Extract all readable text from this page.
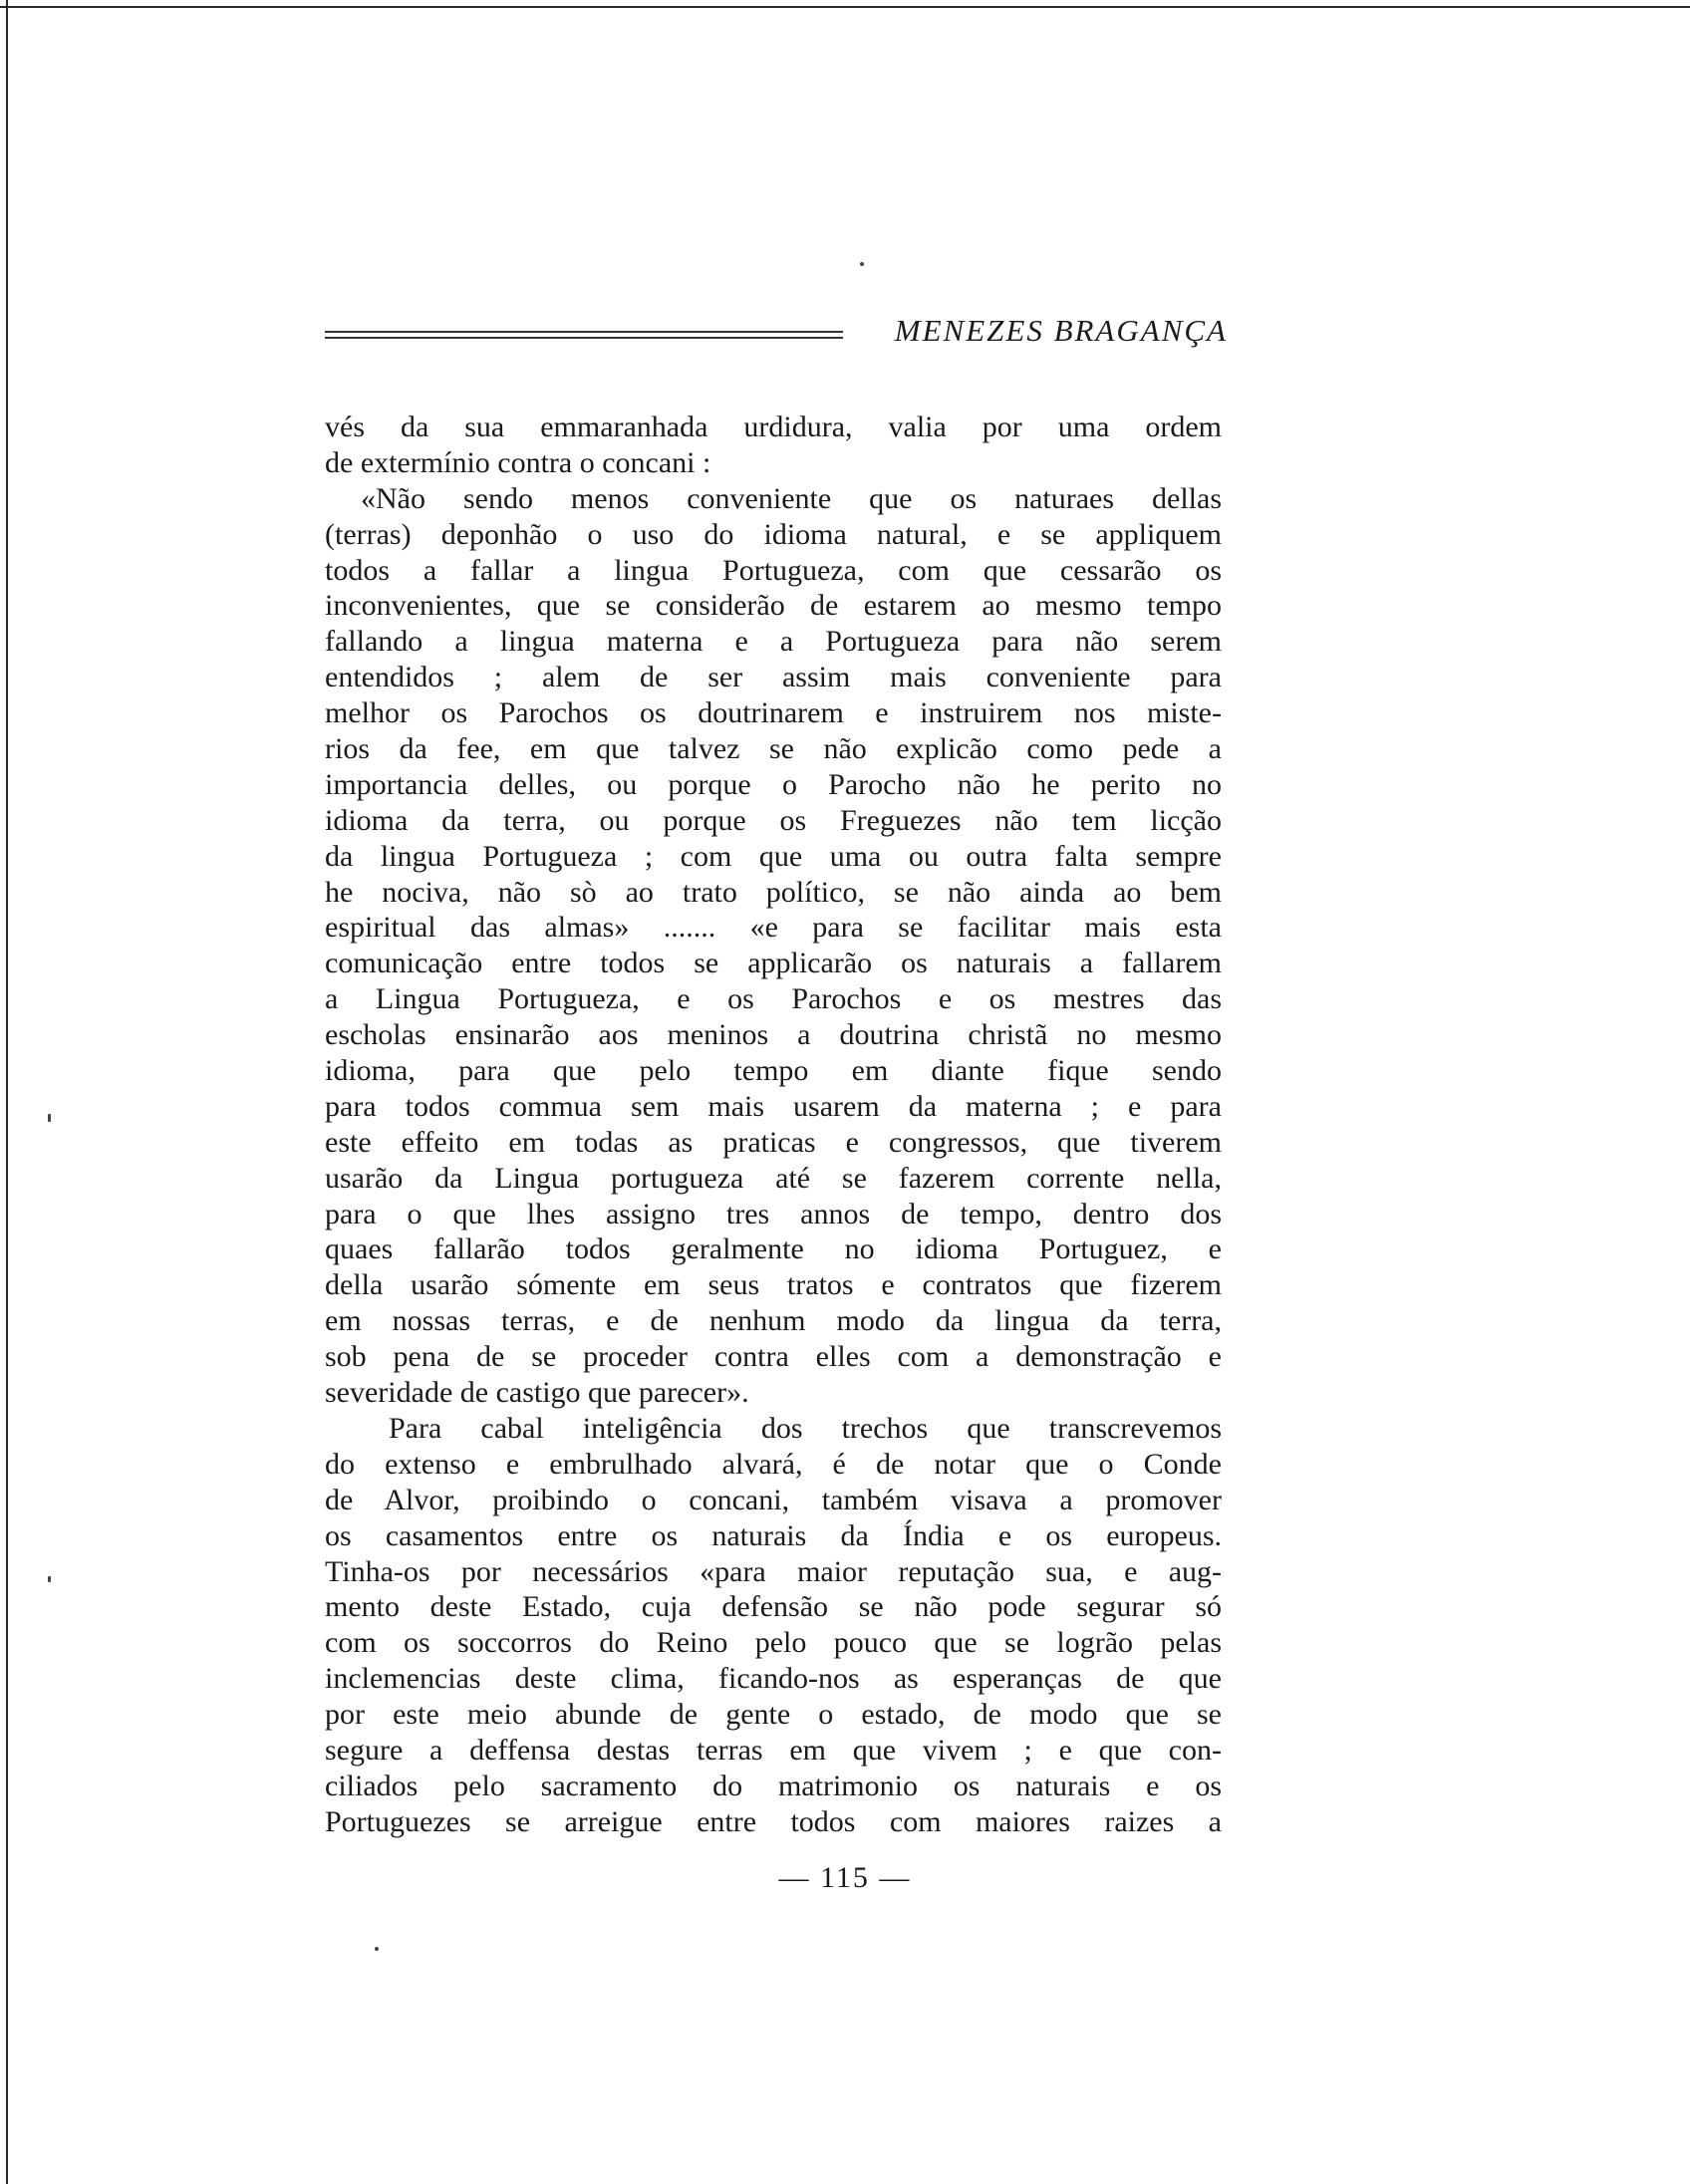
MENEZES BRAGANÇA
vés da sua emmaranhada urdidura, valia por uma ordem
de extermínio contra o concani :
«Não sendo menos conveniente que os naturaes dellas
(terras) deponhão o uso do idioma natural, e se appliquem
todos a fallar a lingua Portugueza, com que cessarão os
inconvenientes, que se considerão de estarem ao mesmo tempo
fallando a lingua materna e a Portugueza para não serem
entendidos ; alem de ser assim mais conveniente para
melhor os Parochos os doutrinarem e instruirem nos miste-
rios da fee, em que talvez se não explicão como pede a
importancia delles, ou porque o Parocho não he perito no
idioma da terra, ou porque os Freguezes não tem licção
da lingua Portugueza ; com que uma ou outra falta sempre
he nociva, não sò ao trato político, se não ainda ao bem
espiritual das almas» ....... «e para se facilitar mais esta
comunicação entre todos se applicarão os naturais a fallarem
a Lingua Portugueza, e os Parochos e os mestres das
escholas ensinarão aos meninos a doutrina christã no mesmo
idioma, para que pelo tempo em diante fique sendo
para todos commua sem mais usarem da materna ; e para
este effeito em todas as praticas e congressos, que tiverem
usarão da Lingua portugueza até se fazerem corrente nella,
para o que lhes assigno tres annos de tempo, dentro dos
quaes fallarão todos geralmente no idioma Portuguez, e
della usarão sómente em seus tratos e contratos que fizerem
em nossas terras, e de nenhum modo da lingua da terra,
sob pena de se proceder contra elles com a demonstração e
severidade de castigo que parecer».
Para cabal inteligência dos trechos que transcrevemos
do extenso e embrulhado alvará, é de notar que o Conde
de Alvor, proibindo o concani, também visava a promover
os casamentos entre os naturais da Índia e os europeus.
Tinha-os por necessários «para maior reputação sua, e aug-
mento deste Estado, cuja defensão se não pode segurar só
com os soccorros do Reino pelo pouco que se logrão pelas
inclemencias deste clima, ficando-nos as esperanças de que
por este meio abunde de gente o estado, de modo que se
segure a deffensa destas terras em que vivem ; e que con-
ciliados pelo sacramento do matrimonio os naturais e os
Portuguezes se arreigue entre todos com maiores raizes a
— 115 —
